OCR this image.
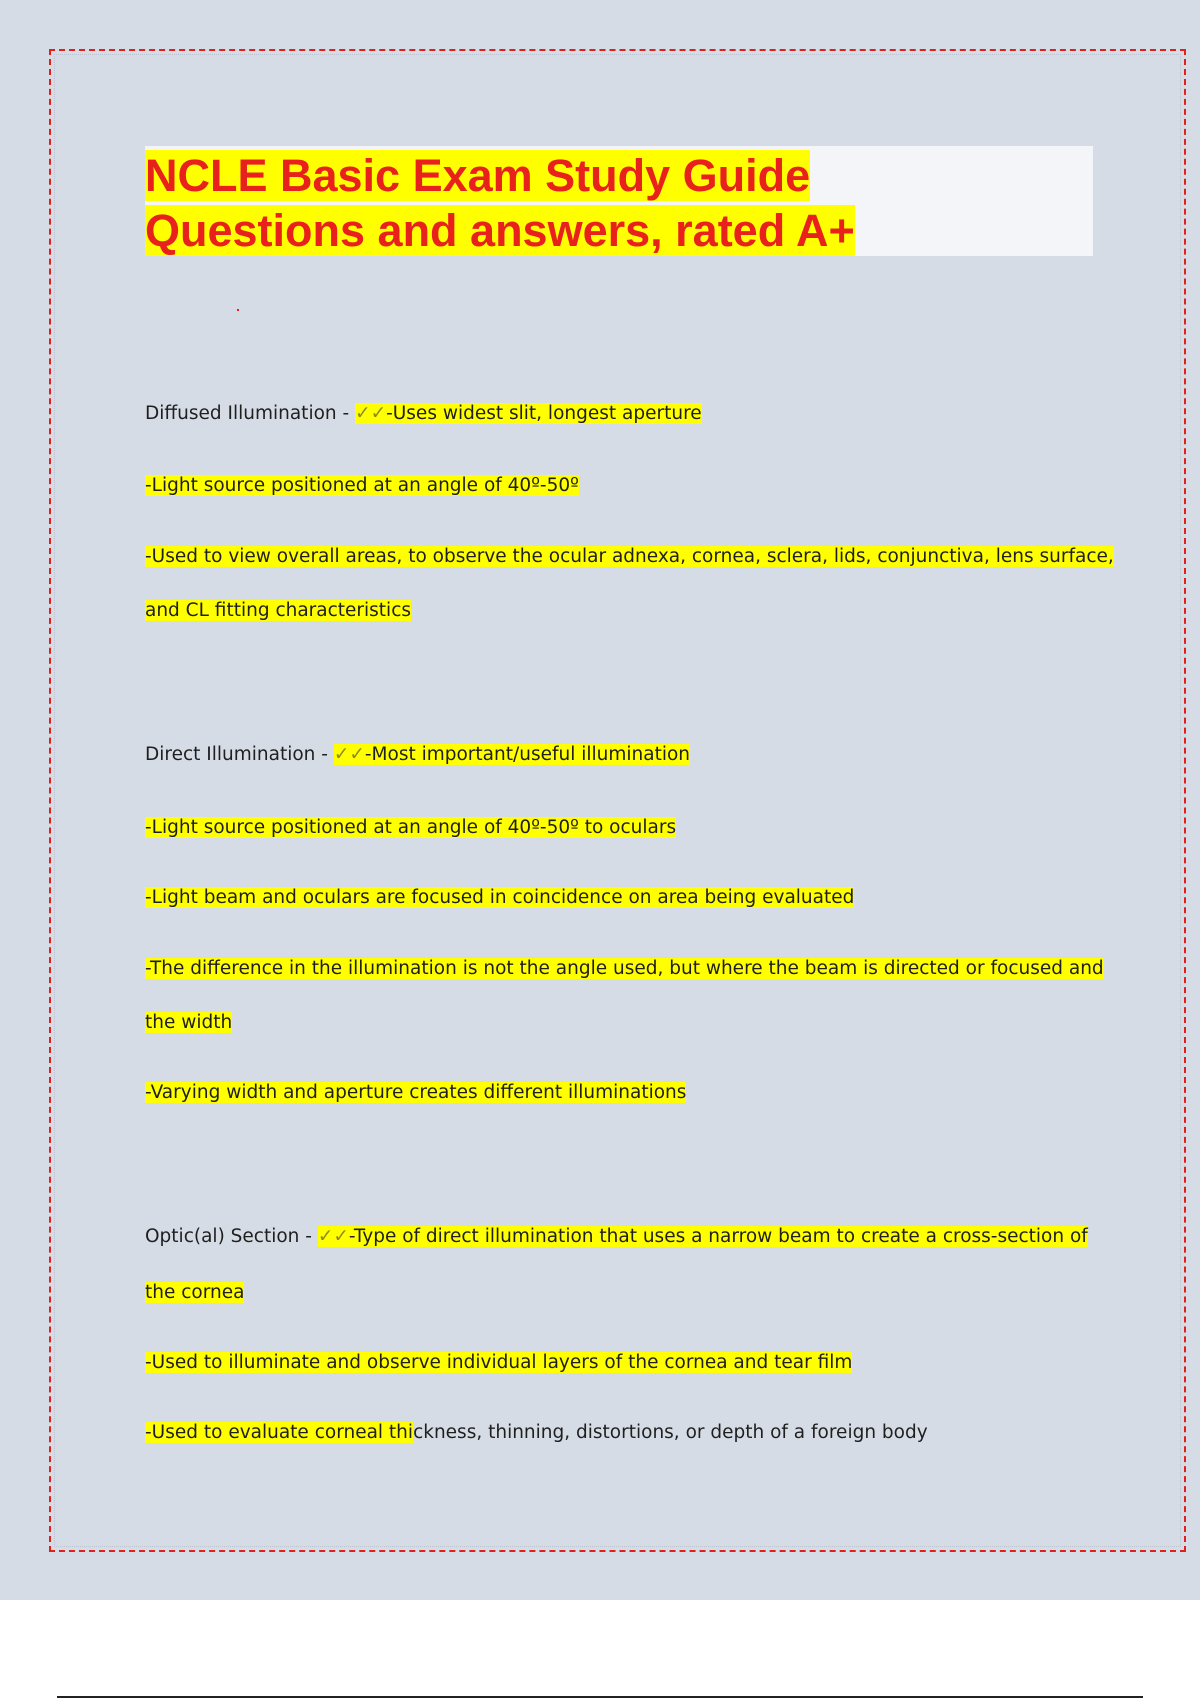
NCLE Basic Exam Study Guide
Questions and answers, rated A+

Diffused Illumination - ✓✓-Uses widest slit, longest aperture

-Light source positioned at an angle of 40º-50º

-Used to view overall areas, to observe the ocular adnexa, cornea, sclera, lids, conjunctiva, lens surface,

and CL fitting characteristics

Direct Illumination - ✓✓-Most important/useful illumination

-Light source positioned at an angle of 40º-50º to oculars

-Light beam and oculars are focused in coincidence on area being evaluated

-The difference in the illumination is not the angle used, but where the beam is directed or focused and

the width

-Varying width and aperture creates different illuminations

Optic(al) Section - ✓✓-Type of direct illumination that uses a narrow beam to create a cross-section of

the cornea

-Used to illuminate and observe individual layers of the cornea and tear film

-Used to evaluate corneal thickness, thinning, distortions, or depth of a foreign body
